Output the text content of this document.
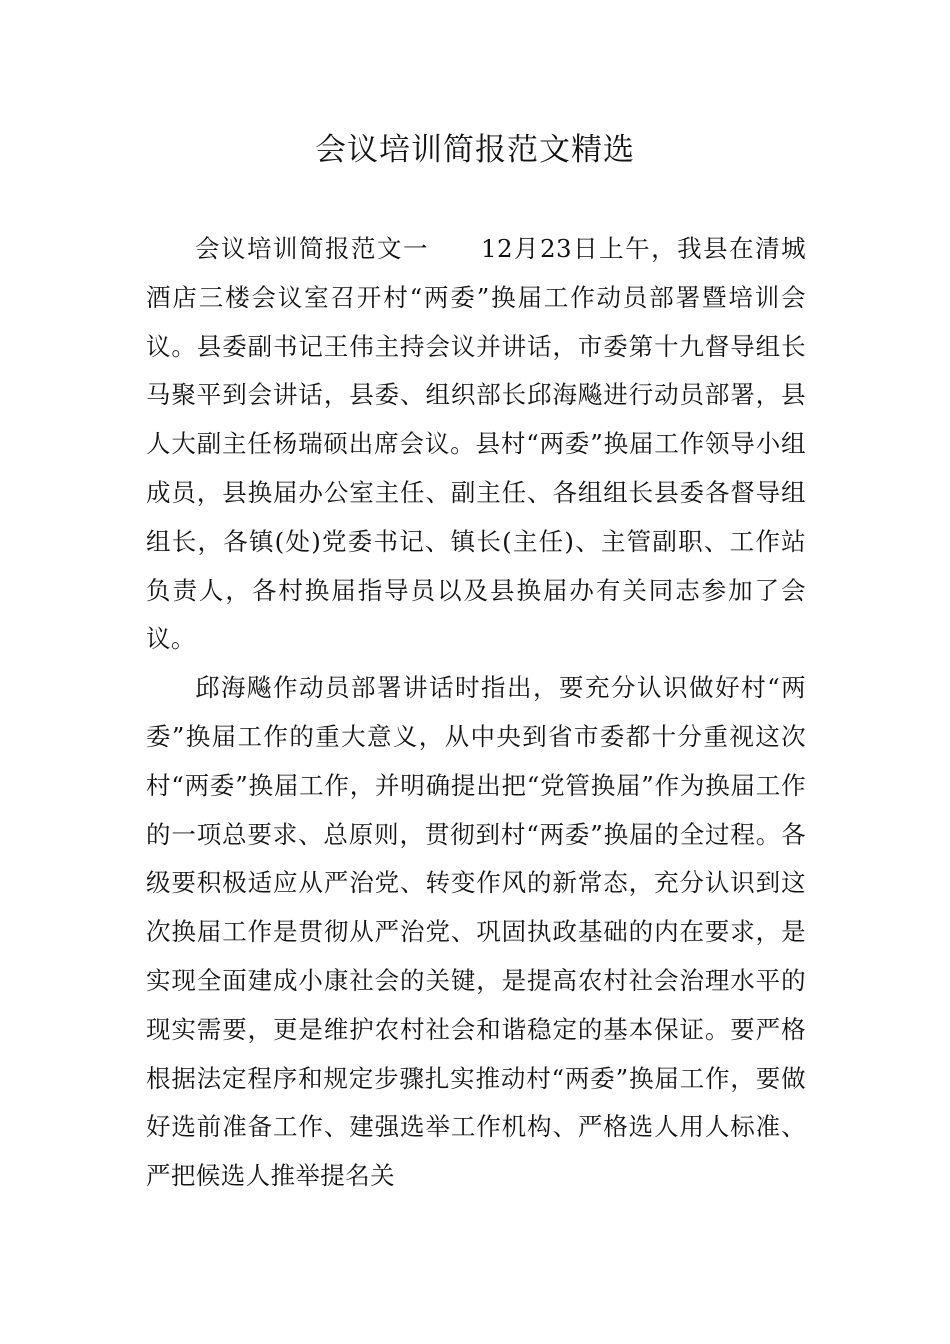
会议培训简报范文精选

会议培训简报范文一 12月23日上午，我县在清城酒店三楼会议室召开村“两委”换届工作动员部署暨培训会议。县委副书记王伟主持会议并讲话，市委第十九督导组长马聚平到会讲话，县委、组织部长邱海飚进行动员部署，县人大副主任杨瑞硕出席会议。县村“两委”换届工作领导小组成员，县换届办公室主任、副主任、各组组长县委各督导组组长，各镇(处)党委书记、镇长(主任)、主管副职、工作站负责人，各村换届指导员以及县换届办有关同志参加了会议。

邱海飚作动员部署讲话时指出，要充分认识做好村“两委”换届工作的重大意义，从中央到省市委都十分重视这次村“两委”换届工作，并明确提出把“党管换届”作为换届工作的一项总要求、总原则，贯彻到村“两委”换届的全过程。各级要积极适应从严治党、转变作风的新常态，充分认识到这次换届工作是贯彻从严治党、巩固执政基础的内在要求，是实现全面建成小康社会的关键，是提高农村社会治理水平的现实需要，更是维护农村社会和谐稳定的基本保证。要严格根据法定程序和规定步骤扎实推动村“两委”换届工作，要做好选前准备工作、建强选举工作机构、严格选人用人标准、严把候选人推举提名关
